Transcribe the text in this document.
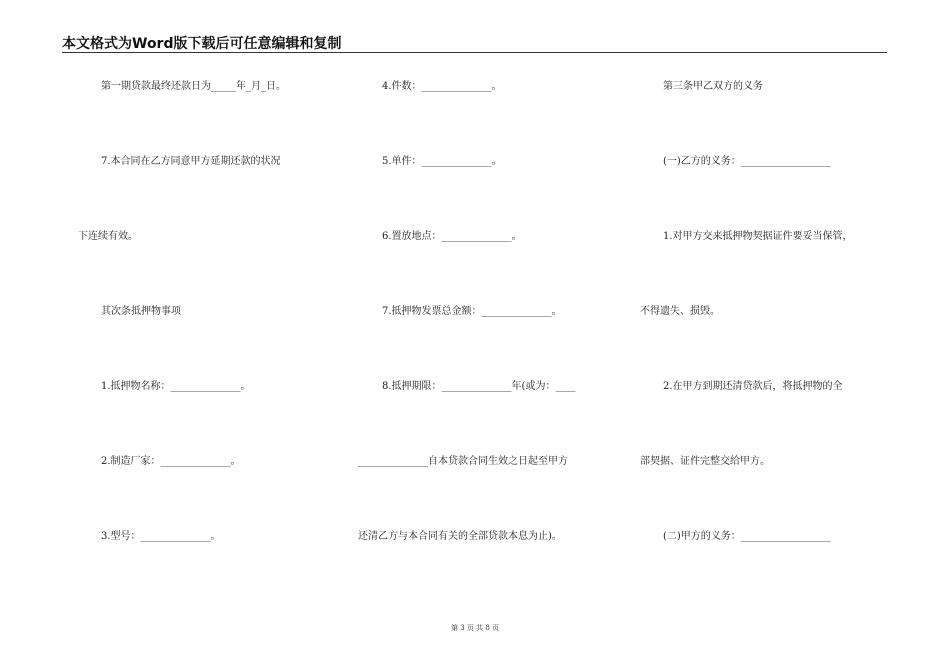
本文格式为Word版下载后可任意编辑和复制
第一期贷款最终还款日为_____年_月_日。
7.本合同在乙方同意甲方延期还款的状况
下连续有效。
其次条抵押物事项
1.抵押物名称：______________。
2.制造厂家：______________。
3.型号：______________。
4.件数：______________。
5.单件：______________。
6.置放地点：______________。
7.抵押物发票总金额：______________。
8.抵押期限：______________年(或为：____
______________自本贷款合同生效之日起至甲方
还清乙方与本合同有关的全部贷款本息为止)。
第三条甲乙双方的义务
(一)乙方的义务：__________________
1.对甲方交来抵押物契据证件要妥当保管，
不得遗失、损毁。
2.在甲方到期还清贷款后，将抵押物的全
部契据、证件完整交给甲方。
(二)甲方的义务：__________________
第 3 页 共 8 页
